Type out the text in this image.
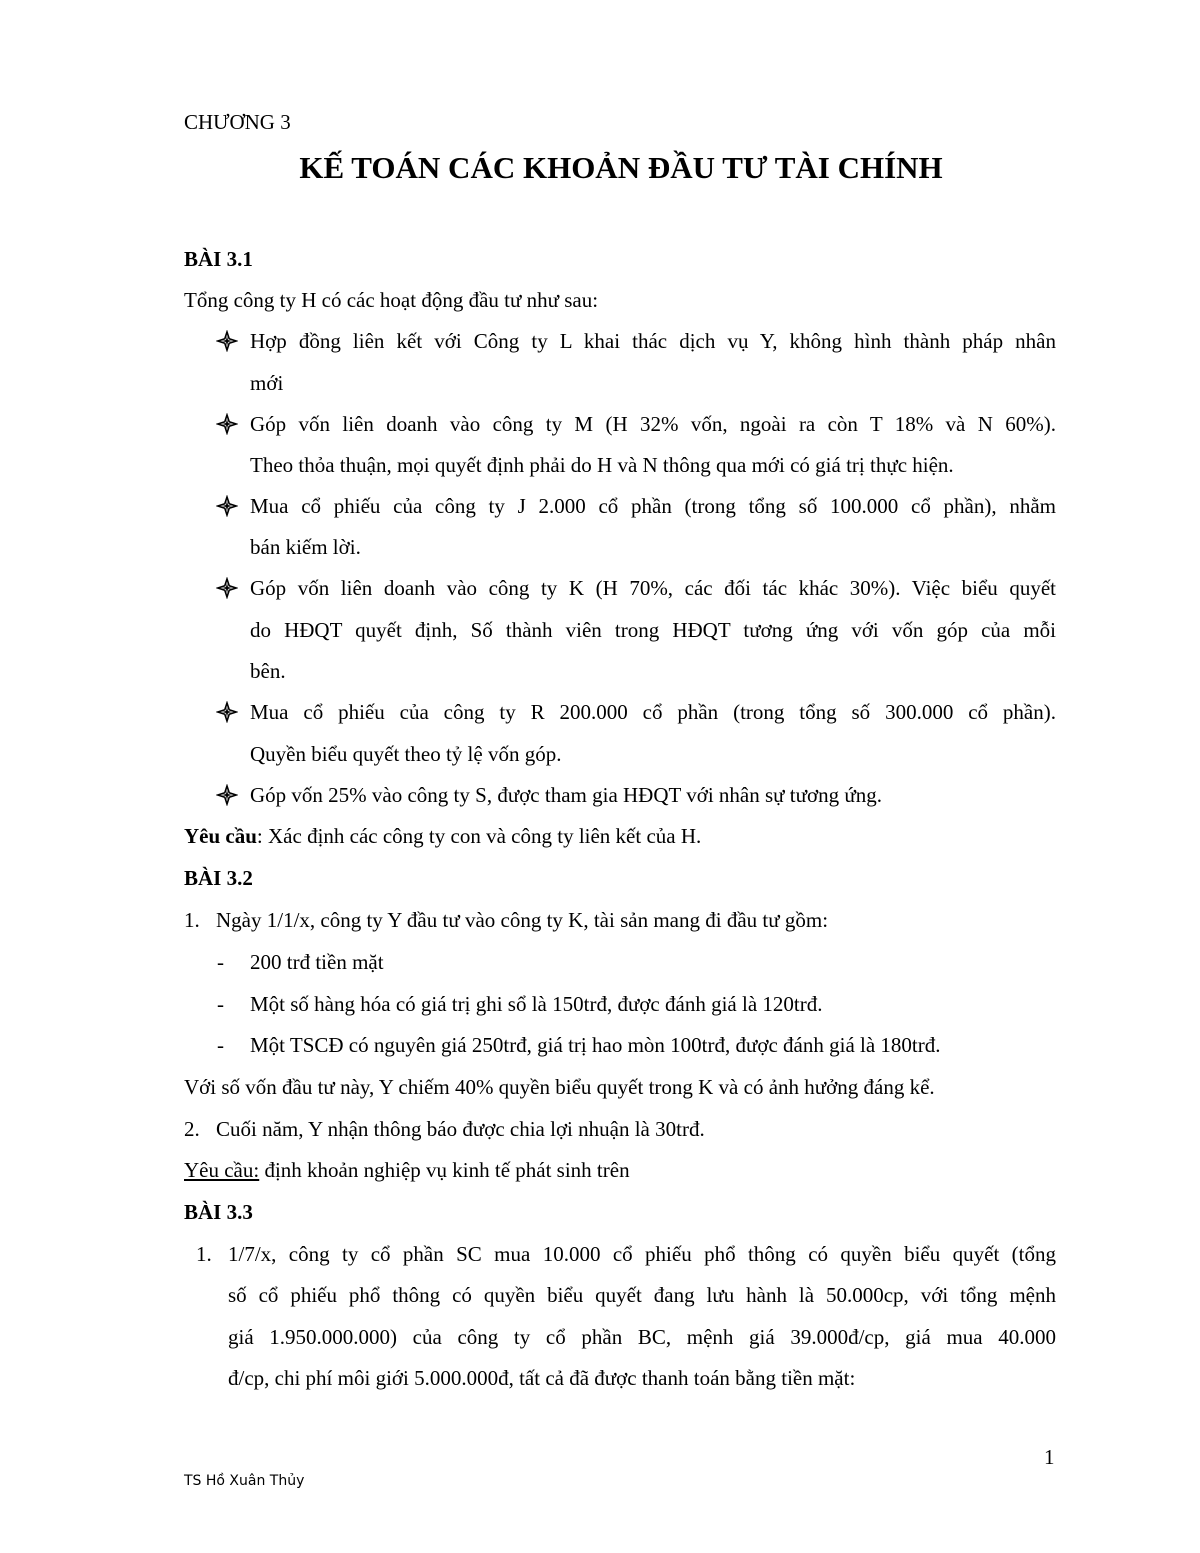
CHƯƠNG 3
KẾ TOÁN CÁC KHOẢN ĐẦU TƯ TÀI CHÍNH
BÀI 3.1
Tổng công ty H có các hoạt động đầu tư như sau:
Hợp đồng liên kết với Công ty L khai thác dịch vụ Y, không hình thành pháp nhân
mới
Góp vốn liên doanh vào công ty M (H 32% vốn, ngoài ra còn T 18% và N 60%).
Theo thỏa thuận, mọi quyết định phải do H và N thông qua mới có giá trị thực hiện.
Mua cổ phiếu của công ty J 2.000 cổ phần (trong tổng số 100.000 cổ phần), nhằm
bán kiếm lời.
Góp vốn liên doanh vào công ty K (H 70%, các đối tác khác 30%). Việc biểu quyết
do HĐQT quyết định, Số thành viên trong HĐQT tương ứng với vốn góp của mỗi
bên.
Mua cổ phiếu của công ty R 200.000 cổ phần (trong tổng số 300.000 cổ phần).
Quyền biểu quyết theo tỷ lệ vốn góp.
Góp vốn 25% vào công ty S, được tham gia HĐQT với nhân sự tương ứng.
Yêu cầu: Xác định các công ty con và công ty liên kết của H.
BÀI 3.2
1. Ngày 1/1/x, công ty Y đầu tư vào công ty K, tài sản mang đi đầu tư gồm:
- 200 trđ tiền mặt
- Một số hàng hóa có giá trị ghi sổ là 150trđ, được đánh giá là 120trđ.
- Một TSCĐ có nguyên giá 250trđ, giá trị hao mòn 100trđ, được đánh giá là 180trđ.
Với số vốn đầu tư này, Y chiếm 40% quyền biểu quyết trong K và có ảnh hưởng đáng kể.
2. Cuối năm, Y nhận thông báo được chia lợi nhuận là 30trđ.
Yêu cầu: định khoản nghiệp vụ kinh tế phát sinh trên
BÀI 3.3
1. 1/7/x, công ty cổ phần SC mua 10.000 cổ phiếu phổ thông có quyền biểu quyết (tổng
số cổ phiếu phổ thông có quyền biểu quyết đang lưu hành là 50.000cp, với tổng mệnh
giá 1.950.000.000) của công ty cổ phần BC, mệnh giá 39.000đ/cp, giá mua 40.000
đ/cp, chi phí môi giới 5.000.000đ, tất cả đã được thanh toán bằng tiền mặt:
1
TS Hồ Xuân Thủy
